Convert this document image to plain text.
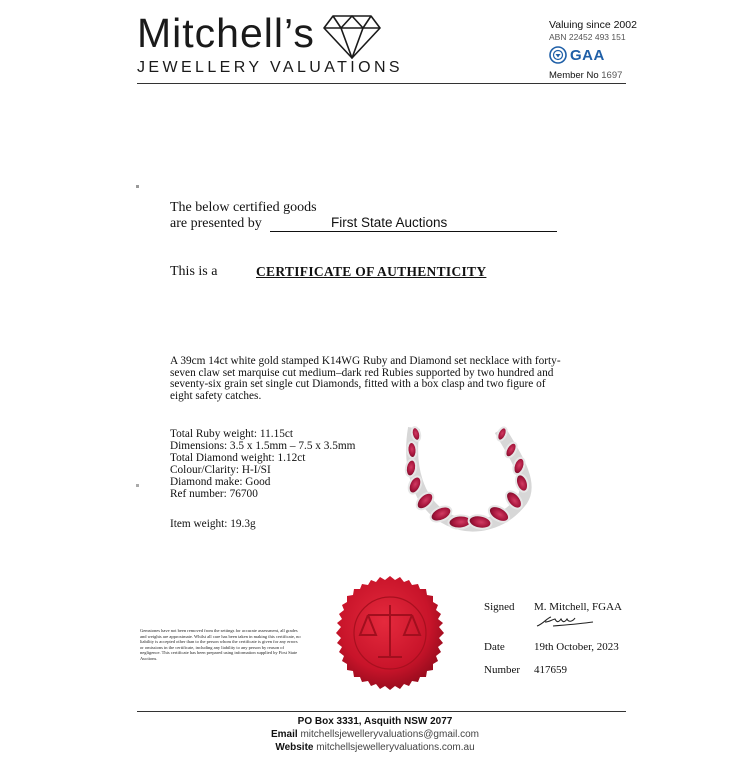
Mitchell’s
JEWELLERY VALUATIONS
Valuing since 2002
ABN 22452 493 151
GAA
Member No 1697
The below certified goods
are presented by	First State Auctions
This is a	CERTIFICATE OF AUTHENTICITY
A 39cm 14ct white gold stamped K14WG Ruby and Diamond set necklace with forty-seven claw set marquise cut medium–dark red Rubies supported by two hundred and seventy-six grain set single cut Diamonds, fitted with a box clasp and two figure of eight safety catches.
Total Ruby weight: 11.15ct
Dimensions: 3.5 x 1.5mm – 7.5 x 3.5mm
Total Diamond weight: 1.12ct
Colour/Clarity: H-I/SI
Diamond make: Good
Ref number: 76700
Item weight: 19.3g
Gemstones have not been removed from the settings for accurate assessment, all grades and weights are approximate. Whilst all care has been taken in making this certificate, no liability is accepted other than to the person whom the certificate is given for any errors or omissions in the certificate, including any liability to any person by reason of negligence. This certificate has been prepared using information supplied by First State Auctions.
Signed M. Mitchell, FGAA
Date	19th October, 2023
Number 417659
PO Box 3331, Asquith NSW 2077
Email mitchellsjewelleryvaluations@gmail.com
Website mitchellsjewelleryvaluations.com.au
